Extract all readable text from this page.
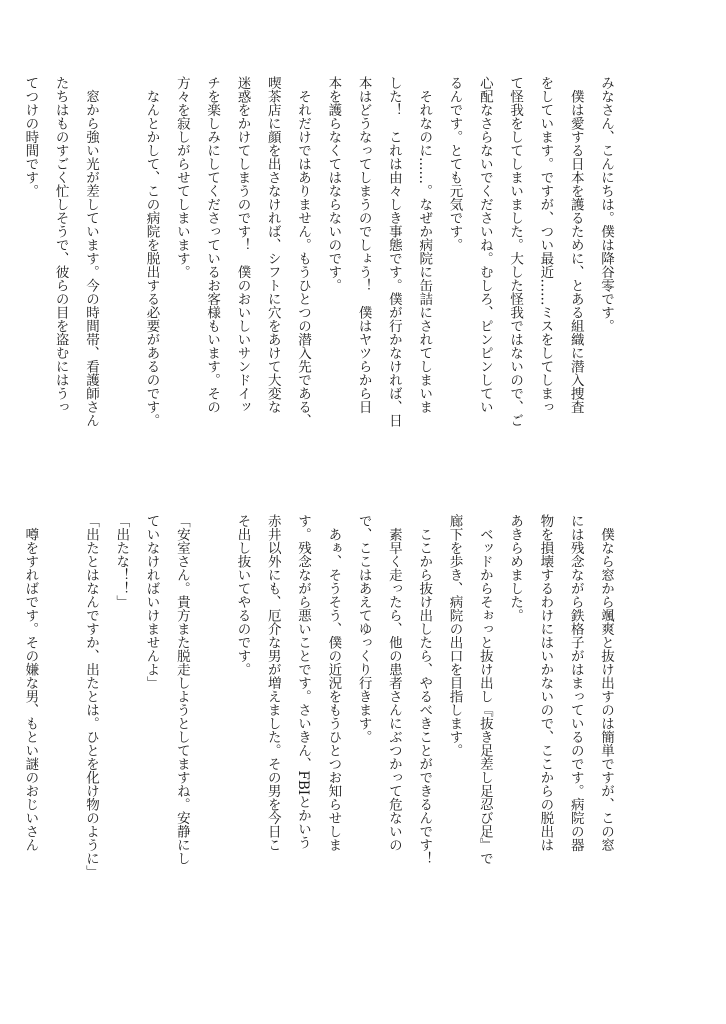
みなさん、こんにちは。僕は降谷零です。
　僕は愛する日本を護るために、とある組織に潜入捜査
をしています。ですが、つい最近……ミスをしてしまっ
て怪我をしてしまいました。大した怪我ではないので、ご
心配なさらないでくださいね。むしろ、ピンピンしてい
るんです。とても元気です。
　それなのに……。なぜか病院に缶詰にされてしまいま
した！　これは由々しき事態です。僕が行かなければ、日
本はどうなってしまうのでしょう！　僕はヤツらから日
本を護らなくてはならないのです。
　それだけではありません。もうひとつの潜入先である、
喫茶店に顔を出さなければ、シフトに穴をあけて大変な
迷惑をかけてしまうのです！　僕のおいしいサンドイッ
チを楽しみにしてくださっているお客様もいます。その
方々を寂しがらせてしまいます。
　なんとかして、この病院を脱出する必要があるのです。
　窓から強い光が差しています。今の時間帯、看護師さん
たちはものすごく忙しそうで、彼らの目を盗むにはうっ
てつけの時間です。
　僕なら窓から颯爽と抜け出すのは簡単ですが、この窓
には残念ながら鉄格子がはまっているのです。病院の器
物を損壊するわけにはいかないので、ここからの脱出は
あきらめました。
　ベッドからそぉっと抜け出し『抜き足差し足忍び足』で
廊下を歩き、病院の出口を目指します。
　ここから抜け出したら、やるべきことができるんです！
　素早く走ったら、他の患者さんにぶつかって危ないの
で、ここはあえてゆっくり行きます。
　あぁ、そうそう、僕の近況をもうひとつお知らせしま
す。残念ながら悪いことです。さいきん、FBIとかいう
赤井以外にも、厄介な男が増えました。その男を今日こ
そ出し抜いてやるのです。
「安室さん。貴方また脱走しようとしてますね。安静にし
ていなければいけませんよ」
「出たな！！」
「出たとはなんですか、出たとは。ひとを化け物のように」
　噂をすればです。その嫌な男、もとい謎のおじいさん
